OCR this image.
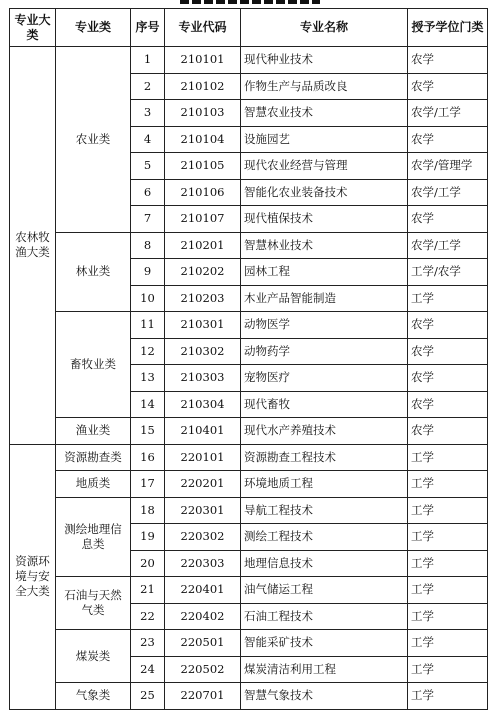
专业大类	专业类	序号	专业代码	专业名称	授予学位门类
农林牧渔大类	农业类	1	210101	现代种业技术	农学
		2	210102	作物生产与品质改良	农学
		3	210103	智慧农业技术	农学/工学
		4	210104	设施园艺	农学
		5	210105	现代农业经营与管理	农学/管理学
		6	210106	智能化农业装备技术	农学/工学
		7	210107	现代植保技术	农学
	林业类	8	210201	智慧林业技术	农学/工学
		9	210202	园林工程	工学/农学
		10	210203	木业产品智能制造	工学
	畜牧业类	11	210301	动物医学	农学
		12	210302	动物药学	农学
		13	210303	宠物医疗	农学
		14	210304	现代畜牧	农学
	渔业类	15	210401	现代水产养殖技术	农学
资源环境与安全大类	资源勘查类	16	220101	资源勘查工程技术	工学
	地质类	17	220201	环境地质工程	工学
	测绘地理信息类	18	220301	导航工程技术	工学
		19	220302	测绘工程技术	工学
		20	220303	地理信息技术	工学
	石油与天然气类	21	220401	油气储运工程	工学
		22	220402	石油工程技术	工学
	煤炭类	23	220501	智能采矿技术	工学
		24	220502	煤炭清洁利用工程	工学
	气象类	25	220701	智慧气象技术	工学
